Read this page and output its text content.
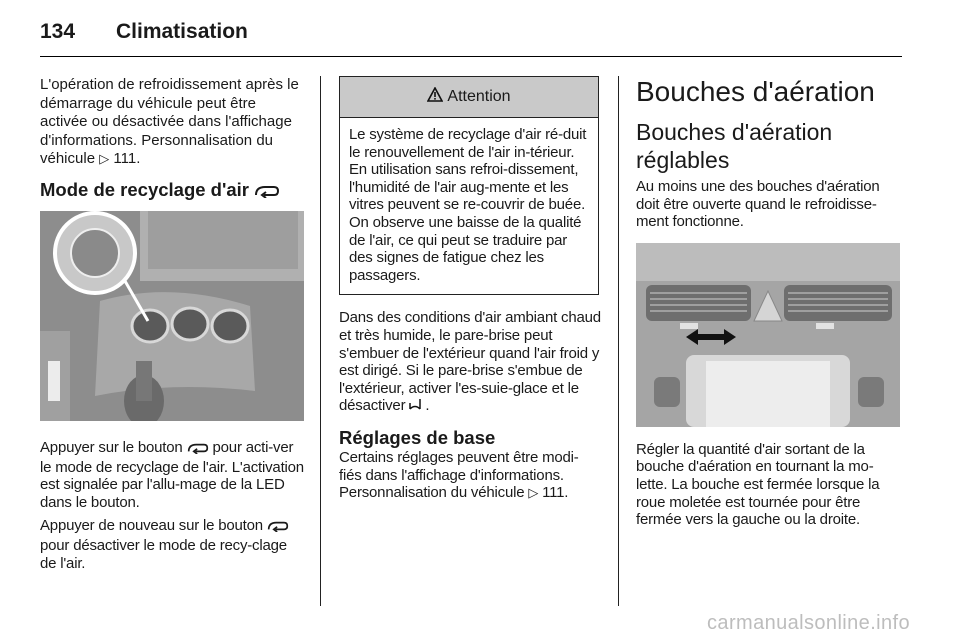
134 Climatisation

L'opération de refroidissement après le démarrage du véhicule peut être activée ou désactivée dans l'affichage d'informations. Personnalisation du véhicule ▷ 111.

Mode de recyclage d'air

Appuyer sur le bouton pour acti-ver le mode de recyclage de l'air. L'activation est signalée par l'allu-mage de la LED dans le bouton.

Appuyer de nouveau sur le bouton  pour désactiver le mode de recy-clage de l'air.

Attention

Le système de recyclage d'air ré-duit le renouvellement de l'air in-térieur. En utilisation sans refroi-dissement, l'humidité de l'air aug-mente et les vitres peuvent se re-couvrir de buée. On observe une baisse de la qualité de l'air, ce qui peut se traduire par des signes de fatigue chez les passagers.

Dans des conditions d'air ambiant chaud et très humide, le pare-brise peut s'embuer de l'extérieur quand l'air froid y est dirigé. Si le pare-brise s'embue de l'extérieur, activer l'es-suie-glace et le désactiver .

Réglages de base

Certains réglages peuvent être modi-fiés dans l'affichage d'informations. Personnalisation du véhicule ▷ 111.

Bouches d'aération
Bouches d'aération réglables

Au moins une des bouches d'aération doit être ouverte quand le refroidisse-ment fonctionne.

Régler la quantité d'air sortant de la bouche d'aération en tournant la mo-lette. La bouche est fermée lorsque la roue moletée est tournée pour être fermée vers la gauche ou la droite.

carmanualsonline.info
